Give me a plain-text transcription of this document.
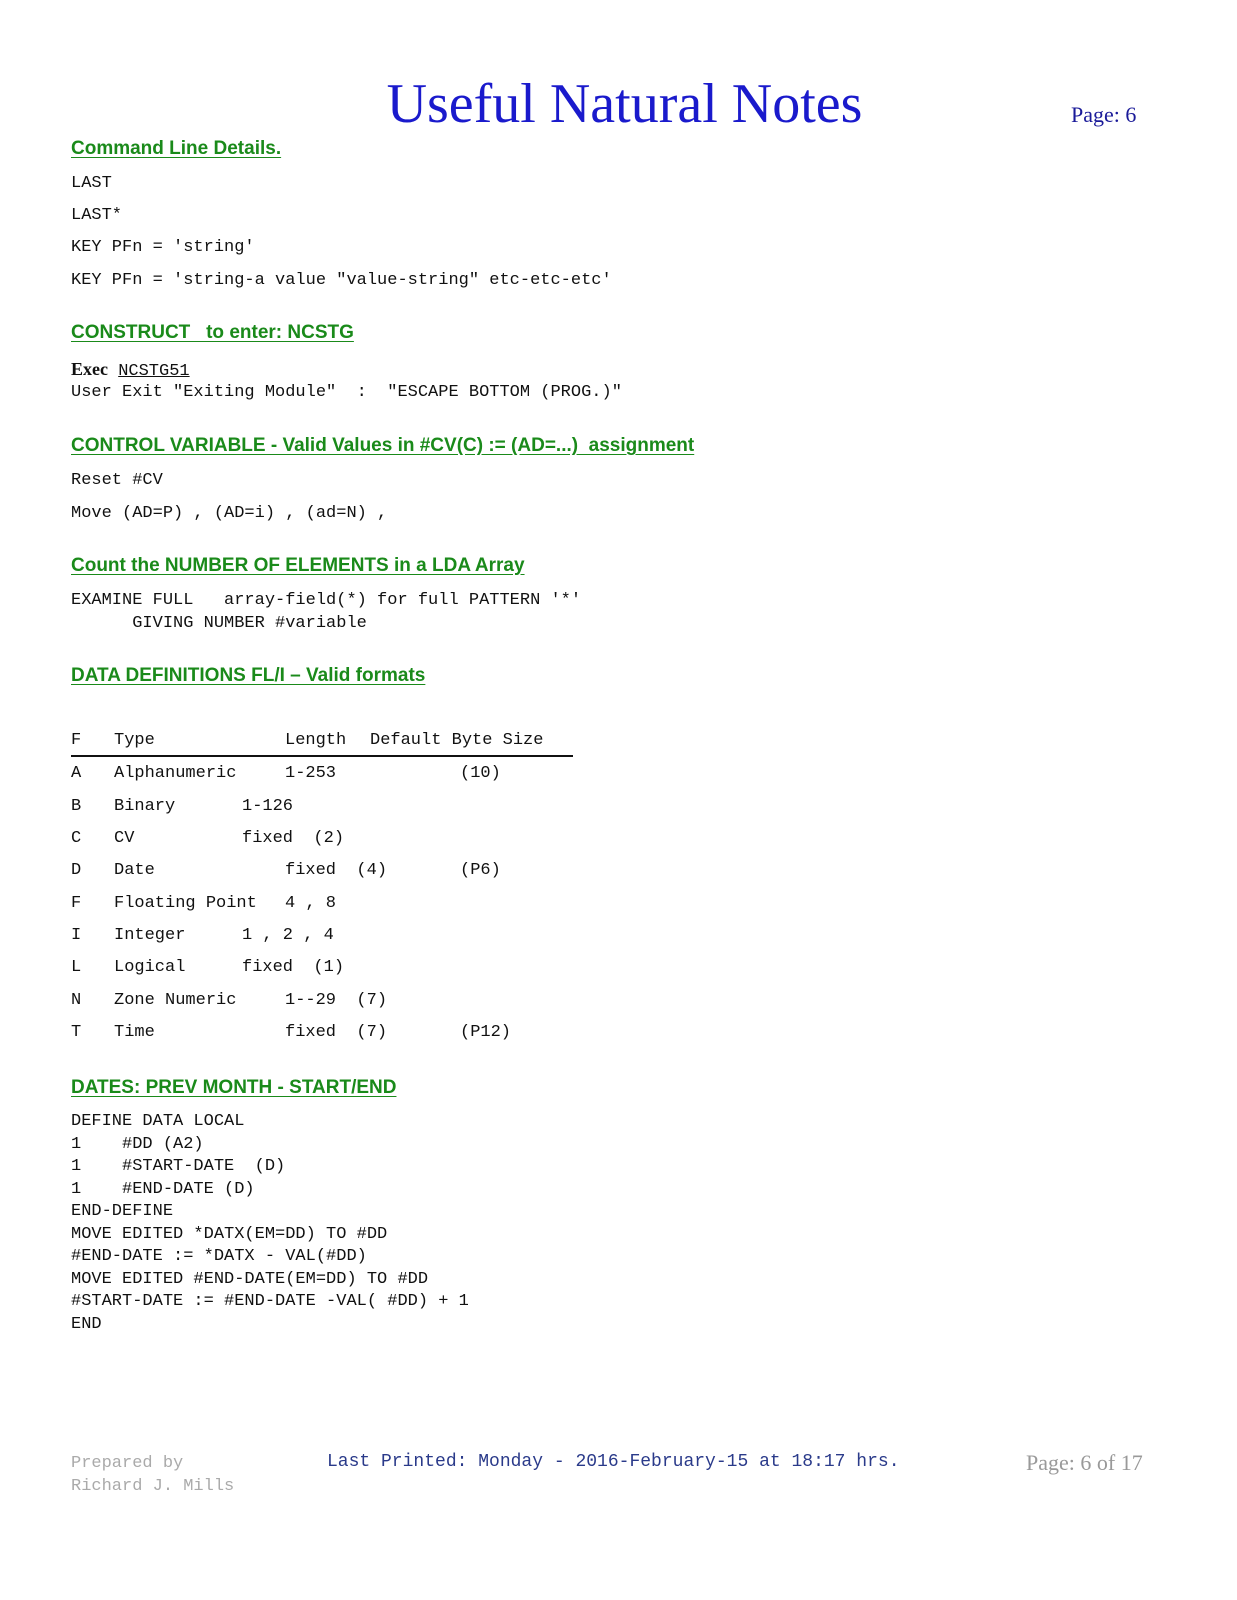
Useful Natural Notes	Page: 6
Command Line Details.
LAST
LAST*
KEY PFn = 'string'
KEY PFn = 'string-a value "value-string" etc-etc-etc'
CONSTRUCT   to enter: NCSTG
Exec NCSTG51
User Exit "Exiting Module"  :  "ESCAPE BOTTOM (PROG.)"
CONTROL VARIABLE - Valid Values in #CV(C) := (AD=...)  assignment
Reset #CV
Move (AD=P) , (AD=i) , (ad=N) ,
Count the NUMBER OF ELEMENTS in a LDA Array
EXAMINE FULL   array-field(*) for full PATTERN '*'
GIVING NUMBER #variable
DATA DEFINITIONS FL/I – Valid formats
F Type	Length Default Byte Size
A Alphanumeric	1-253	(10)
B Binary	1-126
C CV	fixed  (2)
D Date	fixed  (4)	(P6)
F Floating Point 4 , 8
I Integer	1 , 2 , 4
L Logical	fixed  (1)
N Zone Numeric	1--29  (7)
T Time	fixed  (7)	(P12)
DATES: PREV MONTH - START/END
DEFINE DATA LOCAL
1    #DD (A2)
1    #START-DATE  (D)
1    #END-DATE (D)
END-DEFINE
MOVE EDITED *DATX(EM=DD) TO #DD
#END-DATE := *DATX - VAL(#DD)
MOVE EDITED #END-DATE(EM=DD) TO #DD
#START-DATE := #END-DATE -VAL( #DD) + 1
END
Prepared by
Richard J. Mills
Last Printed: Monday - 2016-February-15 at 18:17 hrs.	Page: 6 of 17
